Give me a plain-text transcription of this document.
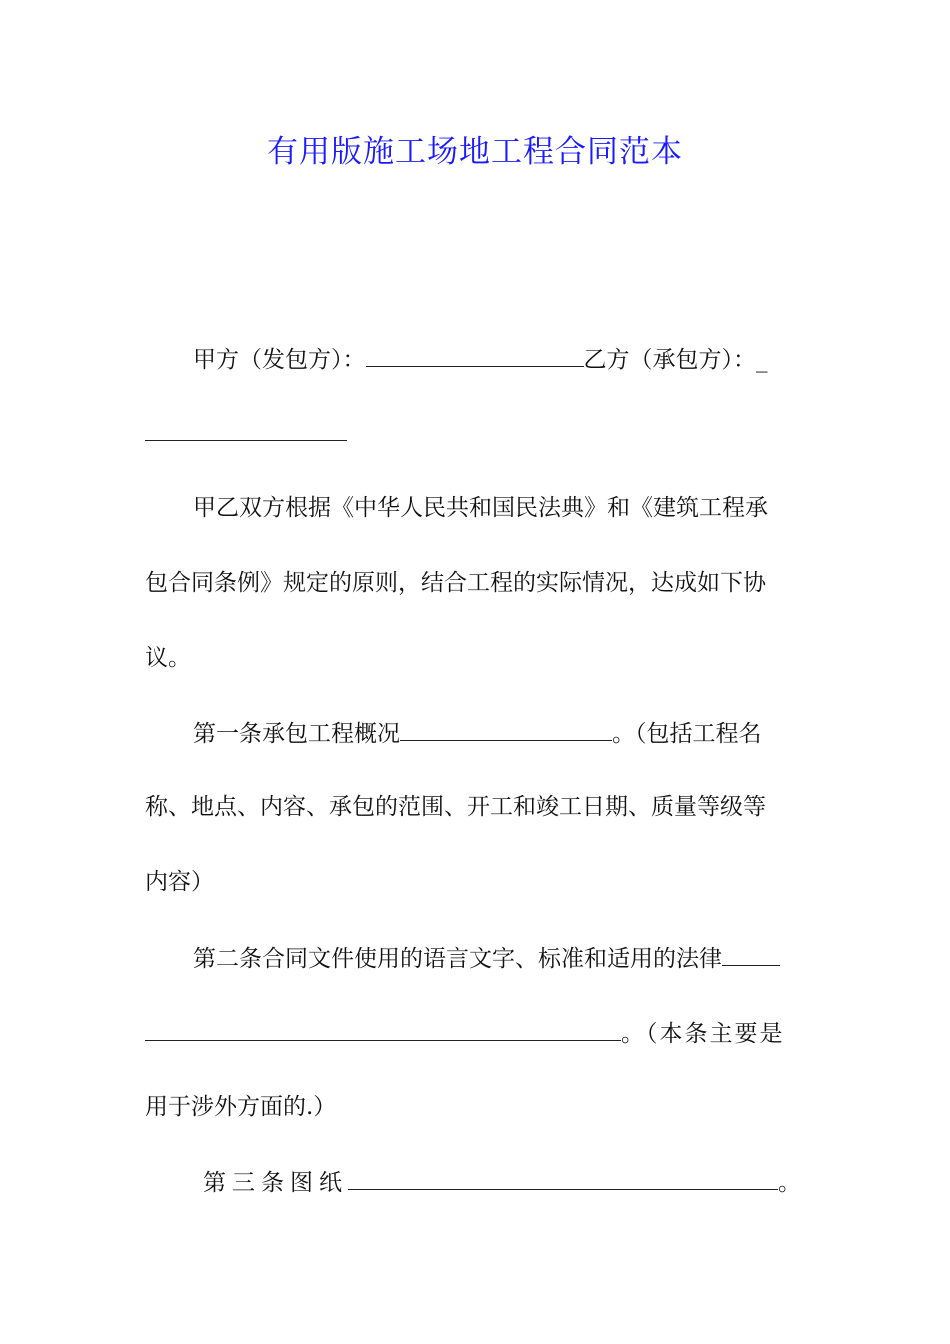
有用版施工场地工程合同范本
甲方（发包方）：	乙方（承包方）：_
甲乙双方根据《中华人民共和国民法典》和《建筑工程承
包合同条例》规定的原则，结合工程的实际情况，达成如下协
议。
第一条承包工程概况	。（包括工程名
称、地点、内容、承包的范围、开工和竣工日期、质量等级等
内容）
第二条合同文件使用的语言文字、标准和适用的法律
。（本条主要是
用于涉外方面的.）
第三条图纸	。
